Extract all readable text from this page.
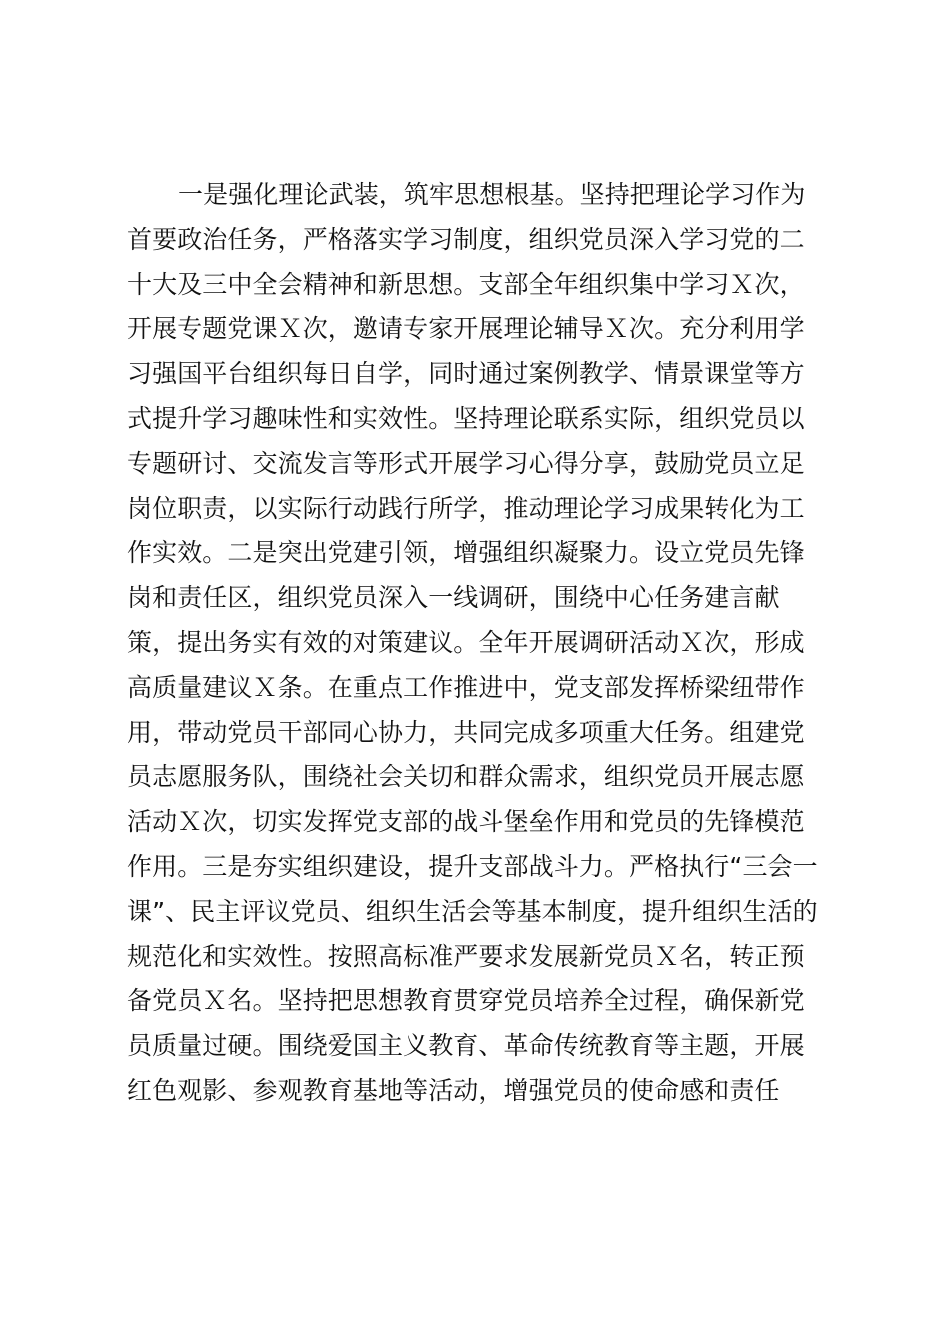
一是强化理论武装，筑牢思想根基。坚持把理论学习作为
首要政治任务，严格落实学习制度，组织党员深入学习党的二
十大及三中全会精神和新思想。支部全年组织集中学习Ｘ次，
开展专题党课Ｘ次，邀请专家开展理论辅导Ｘ次。充分利用学
习强国平台组织每日自学，同时通过案例教学、情景课堂等方
式提升学习趣味性和实效性。坚持理论联系实际，组织党员以
专题研讨、交流发言等形式开展学习心得分享，鼓励党员立足
岗位职责，以实际行动践行所学，推动理论学习成果转化为工
作实效。二是突出党建引领，增强组织凝聚力。设立党员先锋
岗和责任区，组织党员深入一线调研，围绕中心任务建言献
策，提出务实有效的对策建议。全年开展调研活动Ｘ次，形成
高质量建议Ｘ条。在重点工作推进中，党支部发挥桥梁纽带作
用，带动党员干部同心协力，共同完成多项重大任务。组建党
员志愿服务队，围绕社会关切和群众需求，组织党员开展志愿
活动Ｘ次，切实发挥党支部的战斗堡垒作用和党员的先锋模范
作用。三是夯实组织建设，提升支部战斗力。严格执行“三会一
课”、民主评议党员、组织生活会等基本制度，提升组织生活的
规范化和实效性。按照高标准严要求发展新党员Ｘ名，转正预
备党员Ｘ名。坚持把思想教育贯穿党员培养全过程，确保新党
员质量过硬。围绕爱国主义教育、革命传统教育等主题，开展
红色观影、参观教育基地等活动，增强党员的使命感和责任
